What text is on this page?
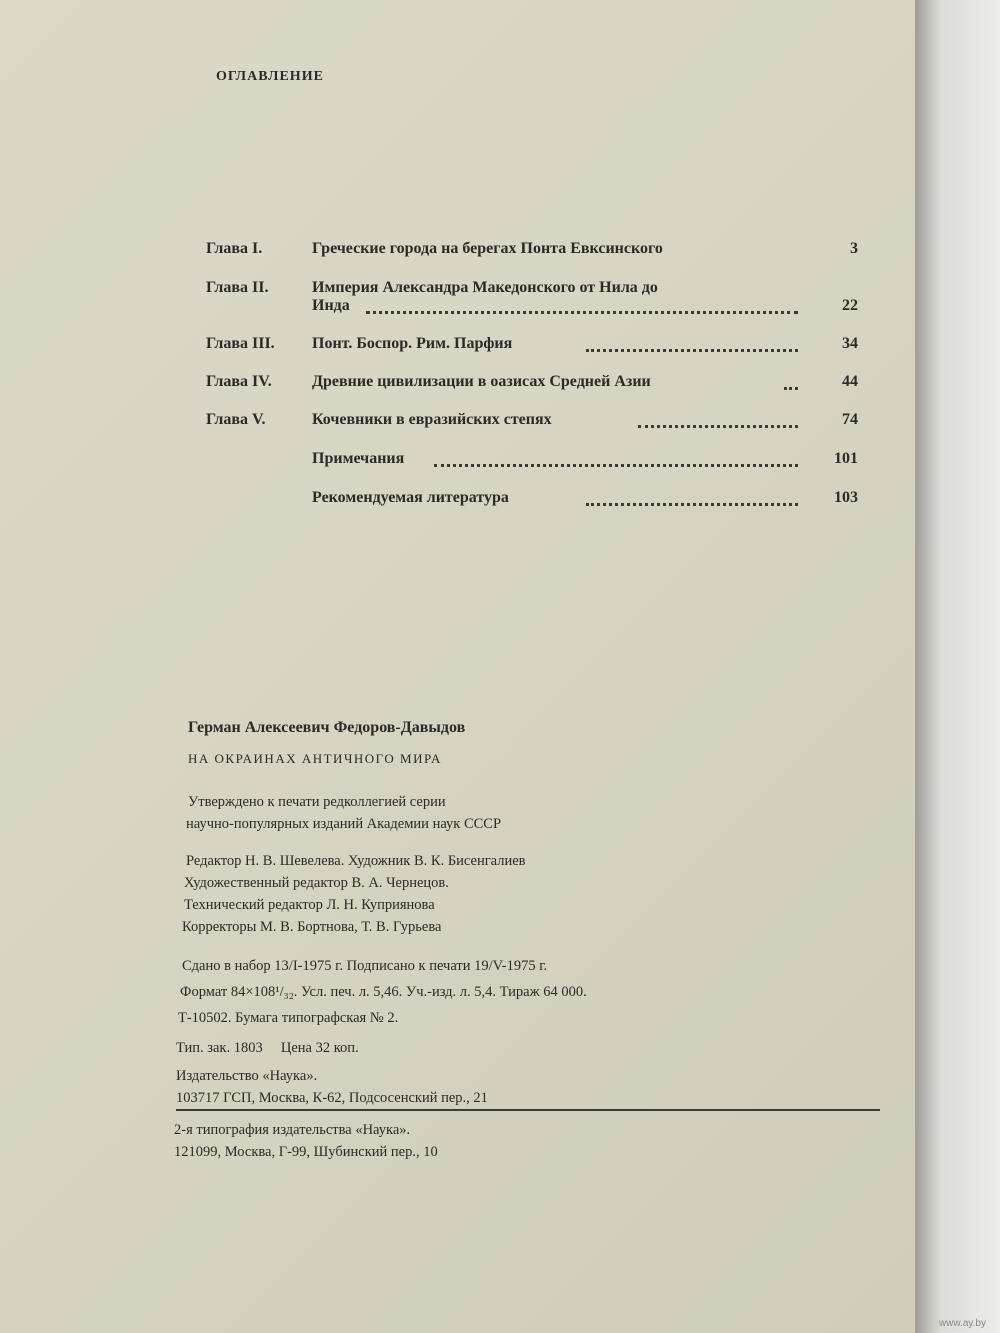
ОГЛАВЛЕНИЕ
Глава I.	Греческие города на берегах Понта Евксинского	3
Глава II.	Империя Александра Македонского от Нила до
Инда	22
Глава III. Понт. Боспор. Рим. Парфия	34
Глава IV.	Древние цивилизации в оазисах Средней Азии	44
Глава V.	Кочевники в евразийских степях	74
Примечания	101
Рекомендуемая литература	103
Герман Алексеевич Федоров-Давыдов
НА ОКРАИНАХ АНТИЧНОГО МИРА
Утверждено к печати редколлегией серии
научно-популярных изданий Академии наук СССР
Редактор Н. В. Шевелева. Художник В. К. Бисенгалиев
Художественный редактор В. А. Чернецов.
Технический редактор Л. Н. Куприянова
Корректоры М. В. Бортнова, Т. В. Гурьева
Сдано в набор 13/I-1975 г. Подписано к печати 19/V-1975 г.
Формат 84×108¹/₃₂. Усл. печ. л. 5,46. Уч.-изд. л. 5,4. Тираж 64 000.
Т-10502. Бумага типографская № 2.
Тип. зак. 1803     Цена 32 коп.
Издательство «Наука».
103717 ГСП, Москва, К-62, Подсосенский пер., 21
2-я типография издательства «Наука».
121099, Москва, Г-99, Шубинский пер., 10
www.ay.by
